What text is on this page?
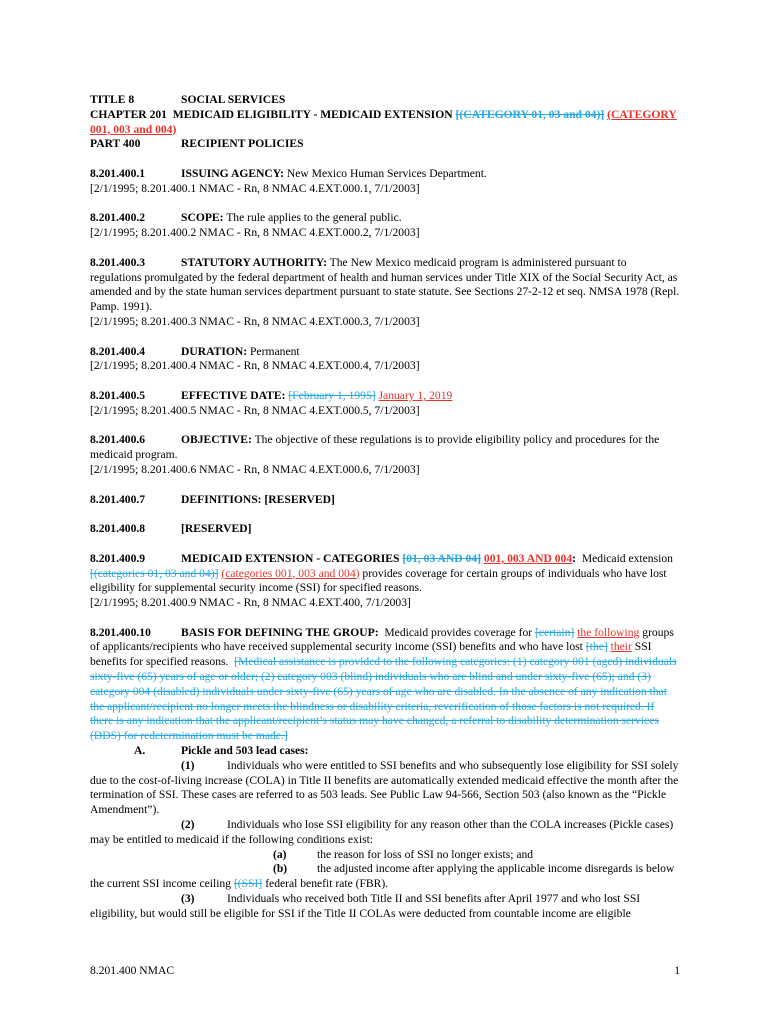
TITLE 8	SOCIAL SERVICES

CHAPTER 201 MEDICAID ELIGIBILITY - MEDICAID EXTENSION [(CATEGORY 01, 03 and 04)] (CATEGORY 001, 003 and 004)

PART 400	RECIPIENT POLICIES

8.201.400.1	ISSUING AGENCY: New Mexico Human Services Department.

[2/1/1995; 8.201.400.1 NMAC - Rn, 8 NMAC 4.EXT.000.1, 7/1/2003]

8.201.400.2	SCOPE: The rule applies to the general public.

[2/1/1995; 8.201.400.2 NMAC - Rn, 8 NMAC 4.EXT.000.2, 7/1/2003]

8.201.400.3	STATUTORY AUTHORITY: The New Mexico medicaid program is administered pursuant to regulations promulgated by the federal department of health and human services under Title XIX of the Social Security Act, as amended and by the state human services department pursuant to state statute. See Sections 27-2-12 et seq. NMSA 1978 (Repl. Pamp. 1991).

[2/1/1995; 8.201.400.3 NMAC - Rn, 8 NMAC 4.EXT.000.3, 7/1/2003]

8.201.400.4	DURATION: Permanent

[2/1/1995; 8.201.400.4 NMAC - Rn, 8 NMAC 4.EXT.000.4, 7/1/2003]

8.201.400.5	EFFECTIVE DATE: [February 1, 1995] January 1, 2019

[2/1/1995; 8.201.400.5 NMAC - Rn, 8 NMAC 4.EXT.000.5, 7/1/2003]

8.201.400.6	OBJECTIVE: The objective of these regulations is to provide eligibility policy and procedures for the medicaid program.

[2/1/1995; 8.201.400.6 NMAC - Rn, 8 NMAC 4.EXT.000.6, 7/1/2003]

8.201.400.7	DEFINITIONS: [RESERVED]

8.201.400.8	[RESERVED]

8.201.400.9	MEDICAID EXTENSION - CATEGORIES [01, 03 AND 04] 001, 003 AND 004: Medicaid extension [(categories 01, 03 and 04)] (categories 001, 003 and 004) provides coverage for certain groups of individuals who have lost eligibility for supplemental security income (SSI) for specified reasons.

[2/1/1995; 8.201.400.9 NMAC - Rn, 8 NMAC 4.EXT.400, 7/1/2003]

8.201.400.10	BASIS FOR DEFINING THE GROUP: Medicaid provides coverage for [certain] the following groups of applicants/recipients who have received supplemental security income (SSI) benefits and who have lost [the] their SSI benefits for specified reasons. [Medical assistance is provided to the following categories: (1) category 001 (aged) individuals sixty-five (65) years of age or older; (2) category 003 (blind) individuals who are blind and under sixty-five (65); and (3) category 004 (disabled) individuals under sixty-five (65) years of age who are disabled. In the absence of any indication that the applicant/recipient no longer meets the blindness or disability criteria, reverification of those factors is not required. If there is any indication that the applicant/recipient’s status may have changed, a referral to disability determination services (DDS) for redetermination must be made.]

A.	Pickle and 503 lead cases:

(1)	Individuals who were entitled to SSI benefits and who subsequently lose eligibility for SSI solely due to the cost-of-living increase (COLA) in Title II benefits are automatically extended medicaid effective the month after the termination of SSI. These cases are referred to as 503 leads. See Public Law 94-566, Section 503 (also known as the “Pickle Amendment”).

(2)	Individuals who lose SSI eligibility for any reason other than the COLA increases (Pickle cases) may be entitled to medicaid if the following conditions exist:

(a)	the reason for loss of SSI no longer exists; and

(b)	the adjusted income after applying the applicable income disregards is below the current SSI income ceiling [(SSI] federal benefit rate (FBR).

(3)	Individuals who received both Title II and SSI benefits after April 1977 and who lost SSI eligibility, but would still be eligible for SSI if the Title II COLAs were deducted from countable income are eligible

8.201.400 NMAC	1
